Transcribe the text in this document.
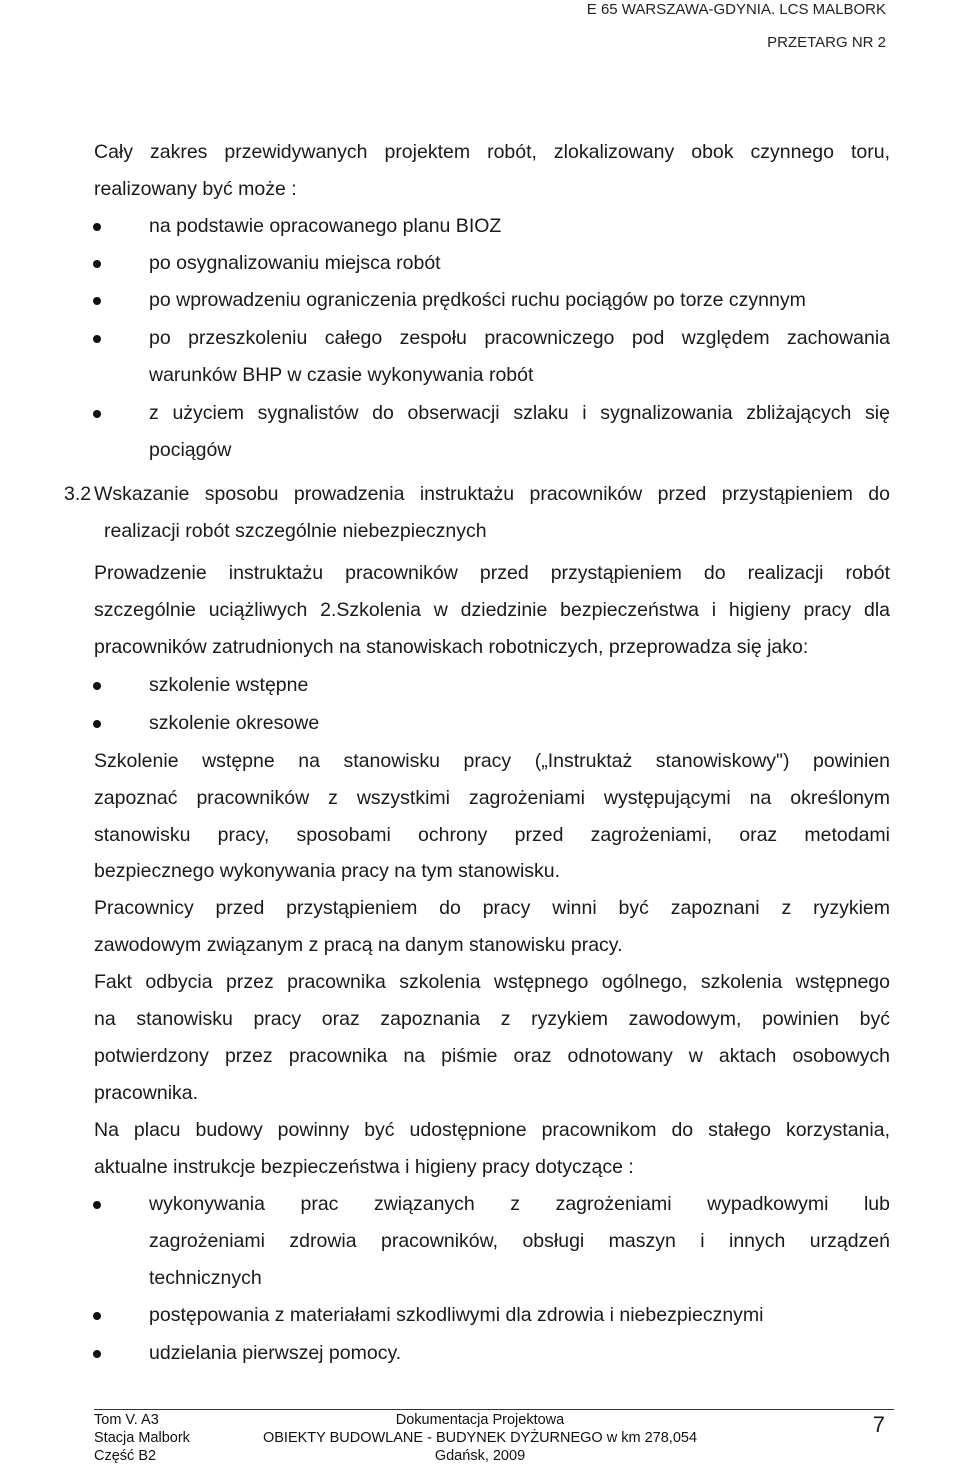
E 65 WARSZAWA-GDYNIA. LCS MALBORK
PRZETARG NR 2
Cały zakres przewidywanych projektem robót, zlokalizowany obok czynnego toru,
realizowany być może :
na podstawie opracowanego planu BIOZ
po osygnalizowaniu miejsca robót
po wprowadzeniu ograniczenia prędkości ruchu pociągów po torze czynnym
po przeszkoleniu całego zespołu pracowniczego pod względem zachowania
warunków BHP w czasie wykonywania robót
z użyciem sygnalistów do obserwacji szlaku i sygnalizowania zbliżających się
pociągów
3.2 Wskazanie sposobu prowadzenia instruktażu pracowników przed przystąpieniem do
realizacji robót szczególnie niebezpiecznych
Prowadzenie instruktażu pracowników przed przystąpieniem do realizacji robót
szczególnie uciążliwych 2.Szkolenia w dziedzinie bezpieczeństwa i higieny pracy dla
pracowników zatrudnionych na stanowiskach robotniczych, przeprowadza się jako:
szkolenie wstępne
szkolenie okresowe
Szkolenie wstępne na stanowisku pracy („Instruktaż stanowiskowy") powinien
zapoznać pracowników z wszystkimi zagrożeniami występującymi na określonym
stanowisku pracy, sposobami ochrony przed zagrożeniami, oraz metodami
bezpiecznego wykonywania pracy na tym stanowisku.
Pracownicy przed przystąpieniem do pracy winni być zapoznani z ryzykiem
zawodowym związanym z pracą na danym stanowisku pracy.
Fakt odbycia przez pracownika szkolenia wstępnego ogólnego, szkolenia wstępnego
na stanowisku pracy oraz zapoznania z ryzykiem zawodowym, powinien być
potwierdzony przez pracownika na piśmie oraz odnotowany w aktach osobowych
pracownika.
Na placu budowy powinny być udostępnione pracownikom do stałego korzystania,
aktualne instrukcje bezpieczeństwa i higieny pracy dotyczące :
wykonywania prac związanych z zagrożeniami wypadkowymi lub
zagrożeniami zdrowia pracowników, obsługi maszyn i innych urządzeń
technicznych
postępowania z materiałami szkodliwymi dla zdrowia i niebezpiecznymi
udzielania pierwszej pomocy.
Tom V. A3
Stacja Malbork
Część B2
Dokumentacja Projektowa
OBIEKTY BUDOWLANE - BUDYNEK DYŻURNEGO w km 278,054
Gdańsk, 2009
7
